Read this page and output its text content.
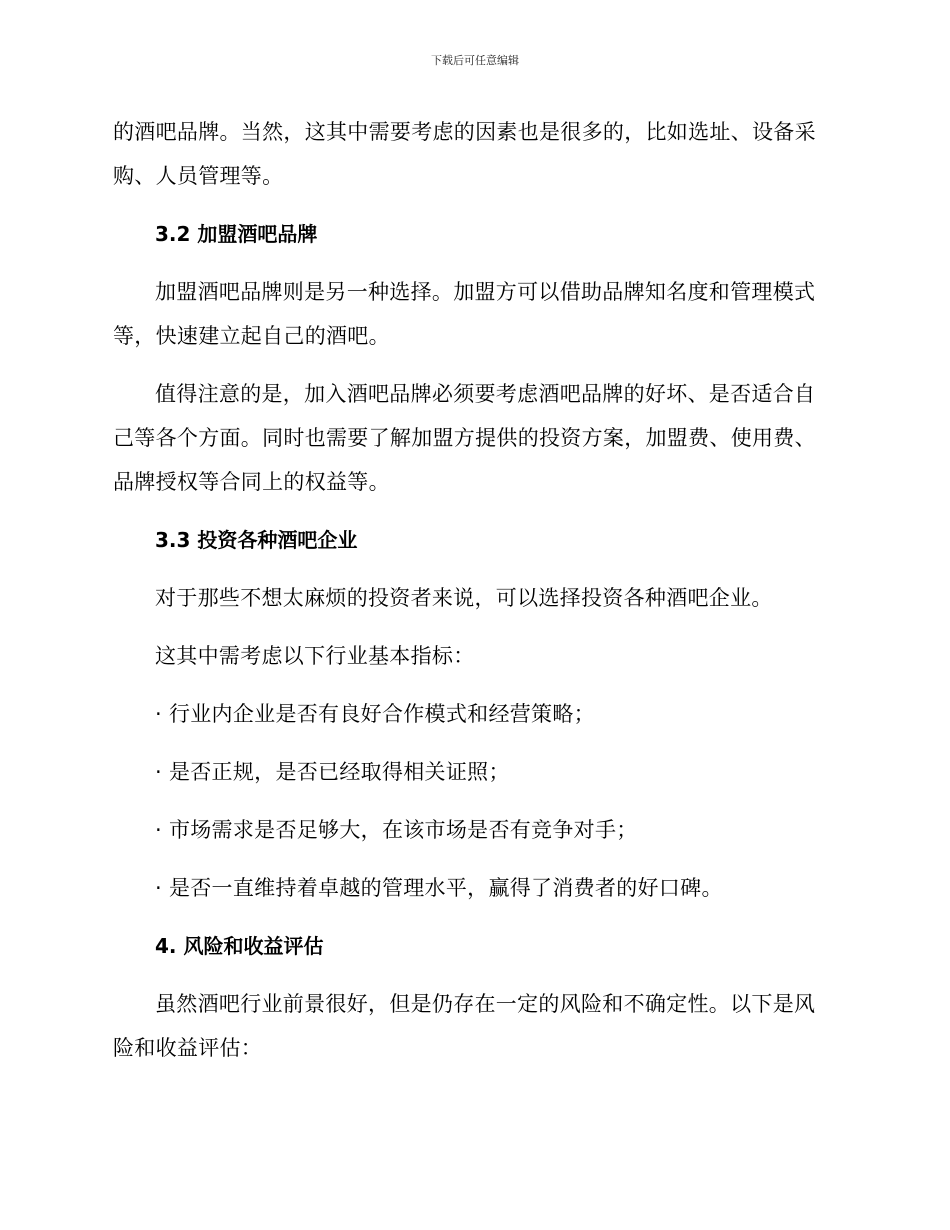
下载后可任意编辑

的酒吧品牌。当然，这其中需要考虑的因素也是很多的，比如选址、设备采购、人员管理等。

3.2 加盟酒吧品牌

加盟酒吧品牌则是另一种选择。加盟方可以借助品牌知名度和管理模式等，快速建立起自己的酒吧。

值得注意的是，加入酒吧品牌必须要考虑酒吧品牌的好坏、是否适合自己等各个方面。同时也需要了解加盟方提供的投资方案，加盟费、使用费、品牌授权等合同上的权益等。

3.3 投资各种酒吧企业

对于那些不想太麻烦的投资者来说，可以选择投资各种酒吧企业。

这其中需考虑以下行业基本指标：

· 行业内企业是否有良好合作模式和经营策略；

· 是否正规，是否已经取得相关证照；

· 市场需求是否足够大，在该市场是否有竞争对手；

· 是否一直维持着卓越的管理水平，赢得了消费者的好口碑。

4. 风险和收益评估

虽然酒吧行业前景很好，但是仍存在一定的风险和不确定性。以下是风险和收益评估：
